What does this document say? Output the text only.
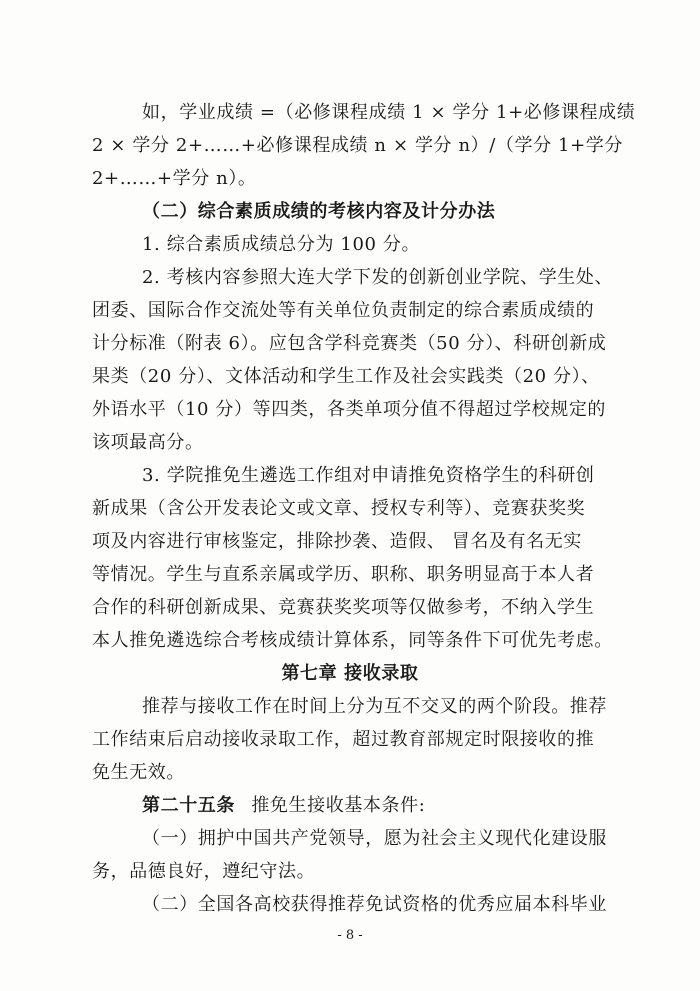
如，学业成绩 =（必修课程成绩 1 × 学分 1+必修课程成绩
2 × 学分 2+……+必修课程成绩 n × 学分 n）/（学分 1+学分
2+……+学分 n）。
（二）综合素质成绩的考核内容及计分办法
1. 综合素质成绩总分为 100 分。
2. 考核内容参照大连大学下发的创新创业学院、学生处、
团委、国际合作交流处等有关单位负责制定的综合素质成绩的
计分标准（附表 6）。应包含学科竞赛类（50 分）、科研创新成
果类（20 分）、文体活动和学生工作及社会实践类（20 分）、
外语水平（10 分）等四类，各类单项分值不得超过学校规定的
该项最高分。
3. 学院推免生遴选工作组对申请推免资格学生的科研创
新成果（含公开发表论文或文章、授权专利等）、竞赛获奖奖
项及内容进行审核鉴定，排除抄袭、造假、 冒名及有名无实
等情况。学生与直系亲属或学历、职称、职务明显高于本人者
合作的科研创新成果、竞赛获奖奖项等仅做参考，不纳入学生
本人推免遴选综合考核成绩计算体系，同等条件下可优先考虑。
第七章 接收录取
推荐与接收工作在时间上分为互不交叉的两个阶段。推荐
工作结束后启动接收录取工作，超过教育部规定时限接收的推
免生无效。
第二十五条 推免生接收基本条件:
（一）拥护中国共产党领导，愿为社会主义现代化建设服
务，品德良好，遵纪守法。
（二）全国各高校获得推荐免试资格的优秀应届本科毕业
- 8 -
